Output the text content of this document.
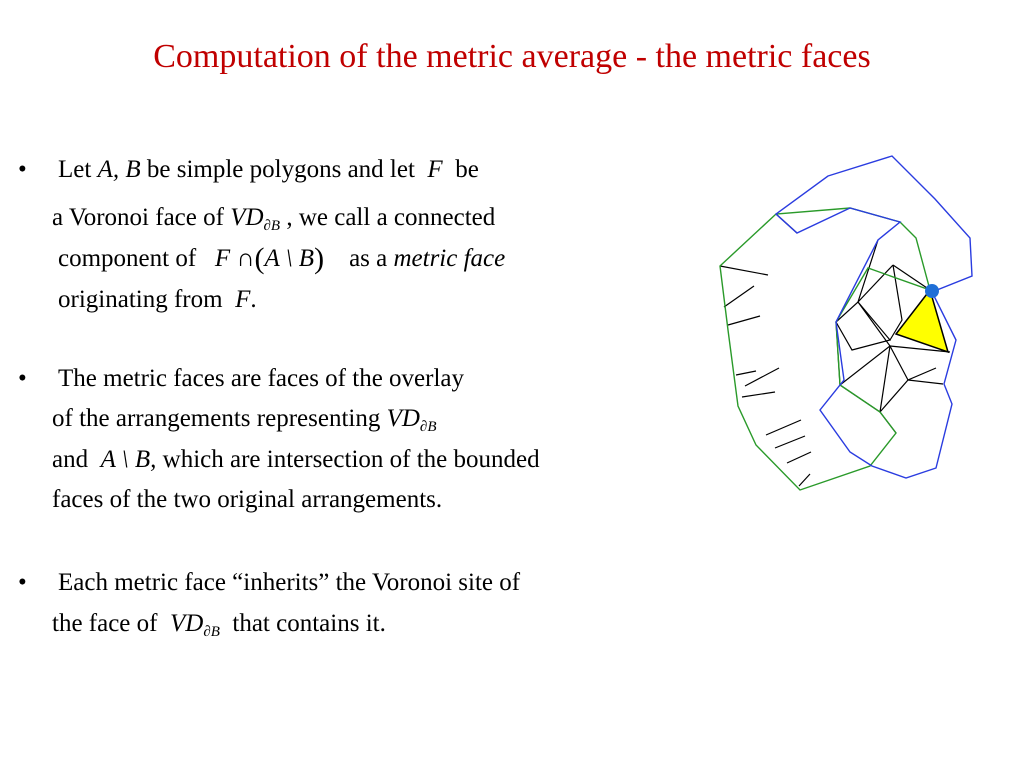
Computation of the metric average - the metric faces
• Let A, B be simple polygons and let F be
a Voronoi face of $VD_{\partial B}$ , we call a connected
component of F ∩(A \ B) as a metric face
originating from F.
• The metric faces are faces of the overlay
of the arrangements representing $VD_{\partial B}$
and A \ B, which are intersection of the bounded
faces of the two original arrangements.
• Each metric face “inherits” the Voronoi site of
the face of $VD_{\partial B}$ that contains it.
